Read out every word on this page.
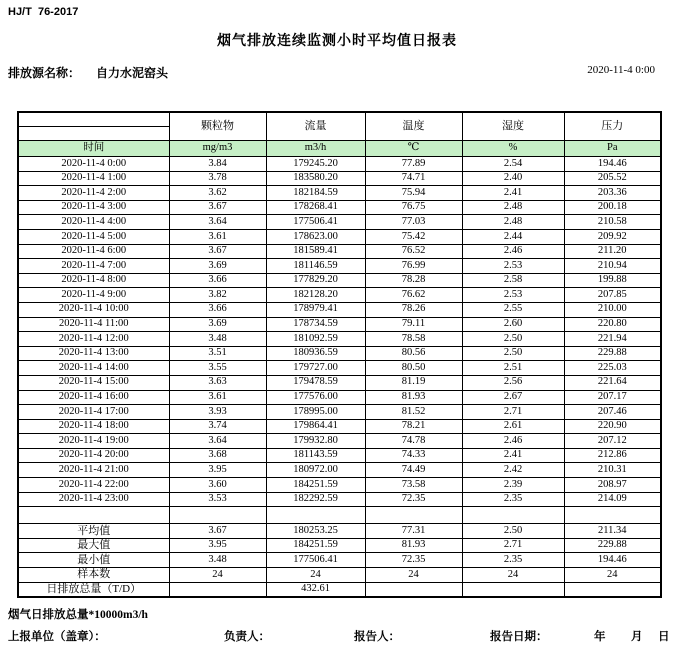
HJ/T  76-2017
烟气排放连续监测小时平均值日报表
排放源名称： 自力水泥窑头	2020-11-4 0:00
	颗粒物	流量	温度	湿度	压力

时间	mg/m3	m3/h	℃	%	Pa
2020-11-4 0:00	3.84	179245.20	77.89	2.54	194.46
2020-11-4 1:00	3.78	183580.20	74.71	2.40	205.52
2020-11-4 2:00	3.62	182184.59	75.94	2.41	203.36
2020-11-4 3:00	3.67	178268.41	76.75	2.48	200.18
2020-11-4 4:00	3.64	177506.41	77.03	2.48	210.58
2020-11-4 5:00	3.61	178623.00	75.42	2.44	209.92
2020-11-4 6:00	3.67	181589.41	76.52	2.46	211.20
2020-11-4 7:00	3.69	181146.59	76.99	2.53	210.94
2020-11-4 8:00	3.66	177829.20	78.28	2.58	199.88
2020-11-4 9:00	3.82	182128.20	76.62	2.53	207.85
2020-11-4 10:00	3.66	178979.41	78.26	2.55	210.00
2020-11-4 11:00	3.69	178734.59	79.11	2.60	220.80
2020-11-4 12:00	3.48	181092.59	78.58	2.50	221.94
2020-11-4 13:00	3.51	180936.59	80.56	2.50	229.88
2020-11-4 14:00	3.55	179727.00	80.50	2.51	225.03
2020-11-4 15:00	3.63	179478.59	81.19	2.56	221.64
2020-11-4 16:00	3.61	177576.00	81.93	2.67	207.17
2020-11-4 17:00	3.93	178995.00	81.52	2.71	207.46
2020-11-4 18:00	3.74	179864.41	78.21	2.61	220.90
2020-11-4 19:00	3.64	179932.80	74.78	2.46	207.12
2020-11-4 20:00	3.68	181143.59	74.33	2.41	212.86
2020-11-4 21:00	3.95	180972.00	74.49	2.42	210.31
2020-11-4 22:00	3.60	184251.59	73.58	2.39	208.97
2020-11-4 23:00	3.53	182292.59	72.35	2.35	214.09

平均值	3.67	180253.25	77.31	2.50	211.34
最大值	3.95	184251.59	81.93	2.71	229.88
最小值	3.48	177506.41	72.35	2.35	194.46
样本数	24	24	24	24	24
日排放总量（T/D）		432.61			
烟气日排放总量*10000m3/h
上报单位（盖章）：	负责人：	报告人：	报告日期：	年 月 日
